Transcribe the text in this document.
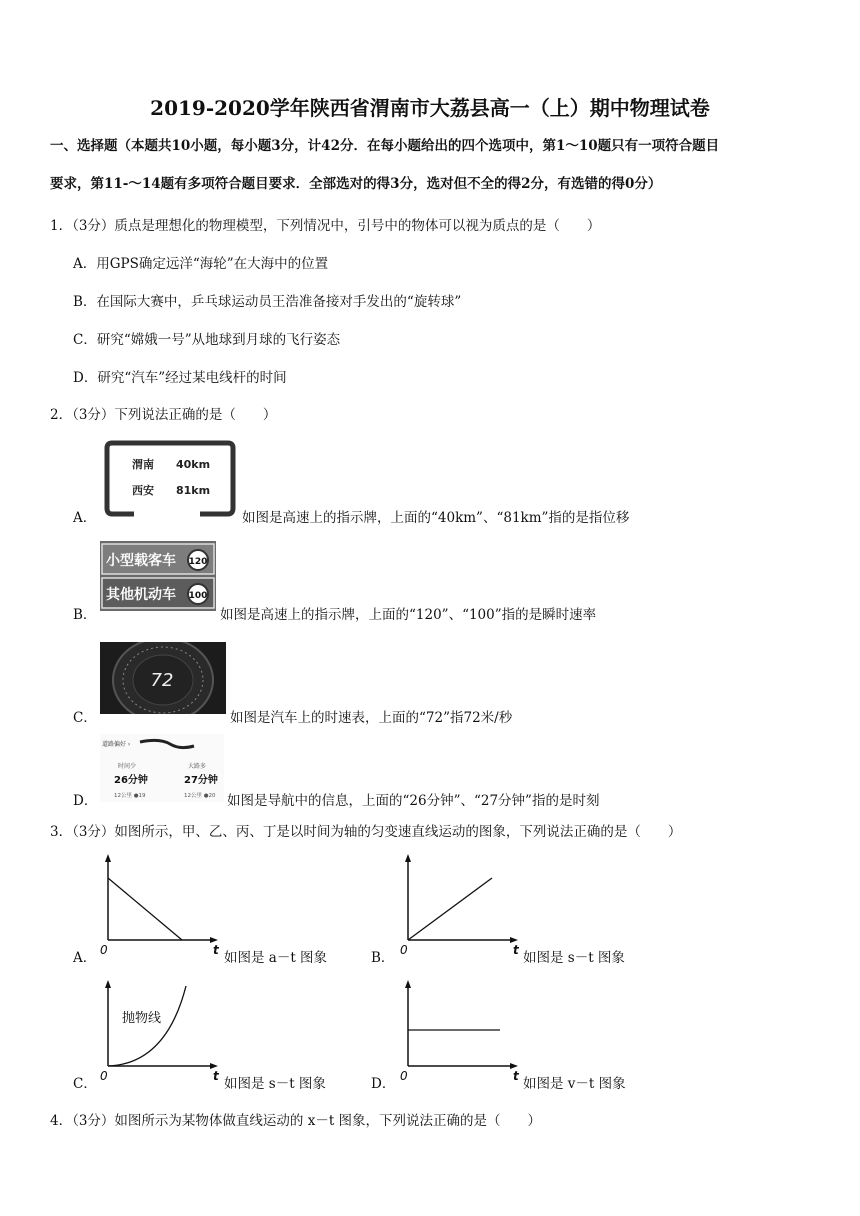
2019-2020学年陕西省渭南市大荔县高一（上）期中物理试卷
一、选择题（本题共10小题，每小题3分，计42分．在每小题给出的四个选项中，第1～10题只有一项符合题目
要求，第11-～14题有多项符合题目要求．全部选对的得3分，选对但不全的得2分，有选错的得0分）
1．（3分）质点是理想化的物理模型，下列情况中，引号中的物体可以视为质点的是（　　）
A．用GPS确定远洋“海轮”在大海中的位置
B．在国际大赛中，乒乓球运动员王浩准备接对手发出的“旋转球”
C．研究“嫦娥一号”从地球到月球的飞行姿态
D．研究“汽车”经过某电线杆的时间
2．（3分）下列说法正确的是（　　）
A．
渭南 40km
西安 81km
如图是高速上的指示牌，上面的“40km”、“81km”指的是指位移
B．
小型载客车 120
其他机动车 100
如图是高速上的指示牌，上面的“120”、“100”指的是瞬时速率
C．
72
如图是汽车上的时速表，上面的“72”指72米/秒
D．
道路偏好 ›
时间少
26分钟
12公里 ●19
大路多
27分钟
12公里 ●20 如图是导航中的信息，上面的“26分钟”、“27分钟”指的是时刻
3．（3分）如图所示，甲、乙、丙、丁是以时间为轴的匀变速直线运动的图象，下列说法正确的是（　　）
A． 0	t 如图是 a－t 图象	B． 0	t 如图是 s－t 图象
C．
抛物线
0	t 如图是 s－t 图象	D． 0	t 如图是 v－t 图象
4．（3分）如图所示为某物体做直线运动的 x－t 图象，下列说法正确的是（　　）
